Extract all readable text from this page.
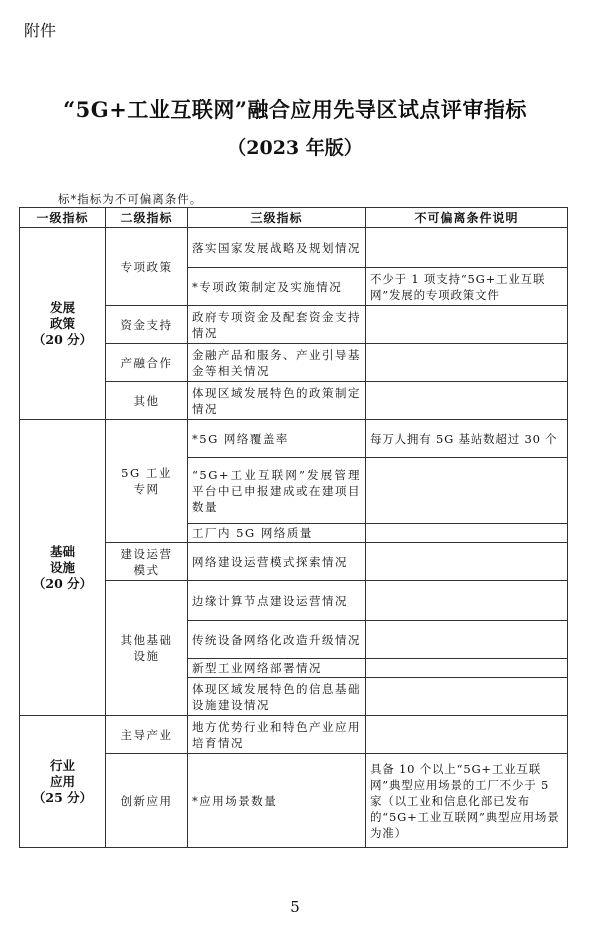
附件
“5G+工业互联网”融合应用先导区试点评审指标
（2023 年版）
标*指标为不可偏离条件。
一级指标	二级指标	三级指标	不可偏离条件说明
发展
政策
（20 分）	专项政策	落实国家发展战略及规划情况	
		*专项政策制定及实施情况	不少于 1 项支持“5G+工业互联网”发展的专项政策文件
	资金支持	政府专项资金及配套资金支持情况	
	产融合作	金融产品和服务、产业引导基金等相关情况	
	其他	体现区域发展特色的政策制定情况	
基础
设施
（20 分）	5G 工业
专网	*5G 网络覆盖率	每万人拥有 5G 基站数超过 30 个
		“5G+工业互联网”发展管理平台中已申报建成或在建项目数量	
		工厂内 5G 网络质量	
	建设运营
模式	网络建设运营模式探索情况	
	其他基础
设施	边缘计算节点建设运营情况	
		传统设备网络化改造升级情况	
		新型工业网络部署情况	
		体现区域发展特色的信息基础设施建设情况	
行业
应用
（25 分）	主导产业	地方优势行业和特色产业应用培育情况	
	创新应用	*应用场景数量	具备 10 个以上“5G+工业互联网”典型应用场景的工厂不少于 5 家（以工业和信息化部已发布的“5G+工业互联网”典型应用场景为准）
5
